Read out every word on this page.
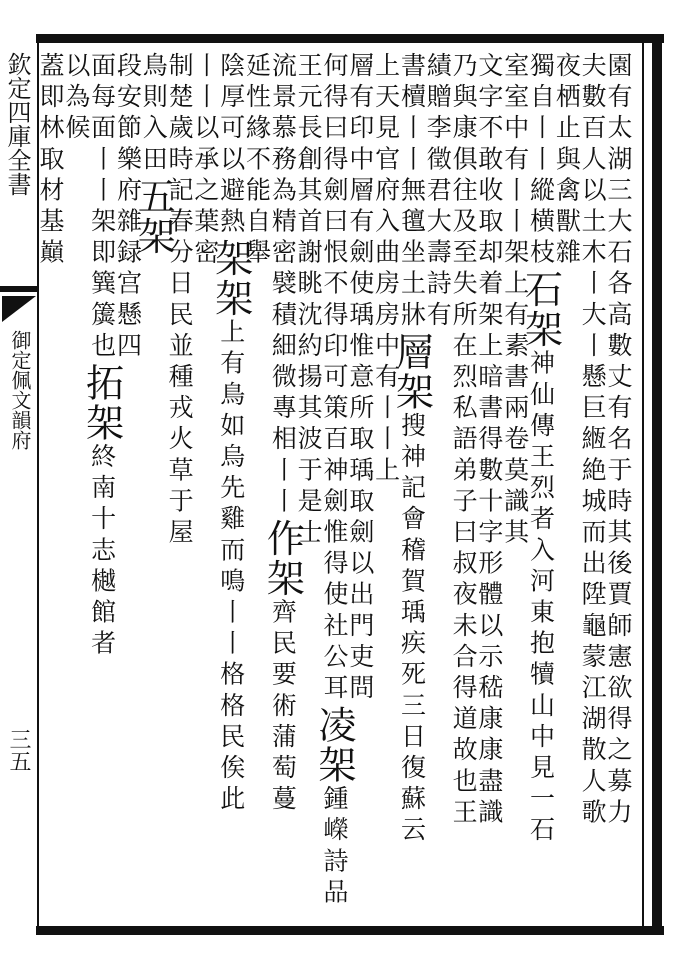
欽定四庫全書
御定佩文韻府
三五	園有太湖三大石各高數丈有名于時其後賈師憲欲得之募力
夫數百人以土木丨大丨懸巨緪絶城而出陞龜蒙江湖散人歌
夜栖止與禽獸雜
獨自丨丨縱横枝石架神仙傳王烈者入河東抱犢山中見一石
室室中有丨丨架上有素書兩卷莫識其
文字不敢收取却着架上暗書得數十字形體以示嵇康康盡識
乃與康俱往及至失所在烈私語弟子曰叔夜未合得道故也王
績贈李徵君大壽詩有
書櫝丨丨無氊坐土牀層架搜神記會稽賀瑀疾死三日復蘇云
上天見官府入曲房房中有丨丨上
層有印中層有劍使瑀惟意所取瑀取劍以出門吏問
何得曰得劍曰恨不得印可策百神劍惟得使社公耳凌架鍾嶸詩品
王元長創其首謝眺沈約揚其波于是士
流景慕務為精密襞積細微專相丨丨作架齊民要術蒲萄蔓
延性緣不能自舉
陰厚可以避熱架架上有鳥如烏先雞而鳴丨丨格格民俟此
丨丨以承之葉密
制楚歲時記春分日民並種戎火草于屋
鳥則入田五架
段安節樂府雜録宫懸四
面每面丨丨架即簨簴也拓架終南十志樾館者
以為候
蓋即林取材基巔
